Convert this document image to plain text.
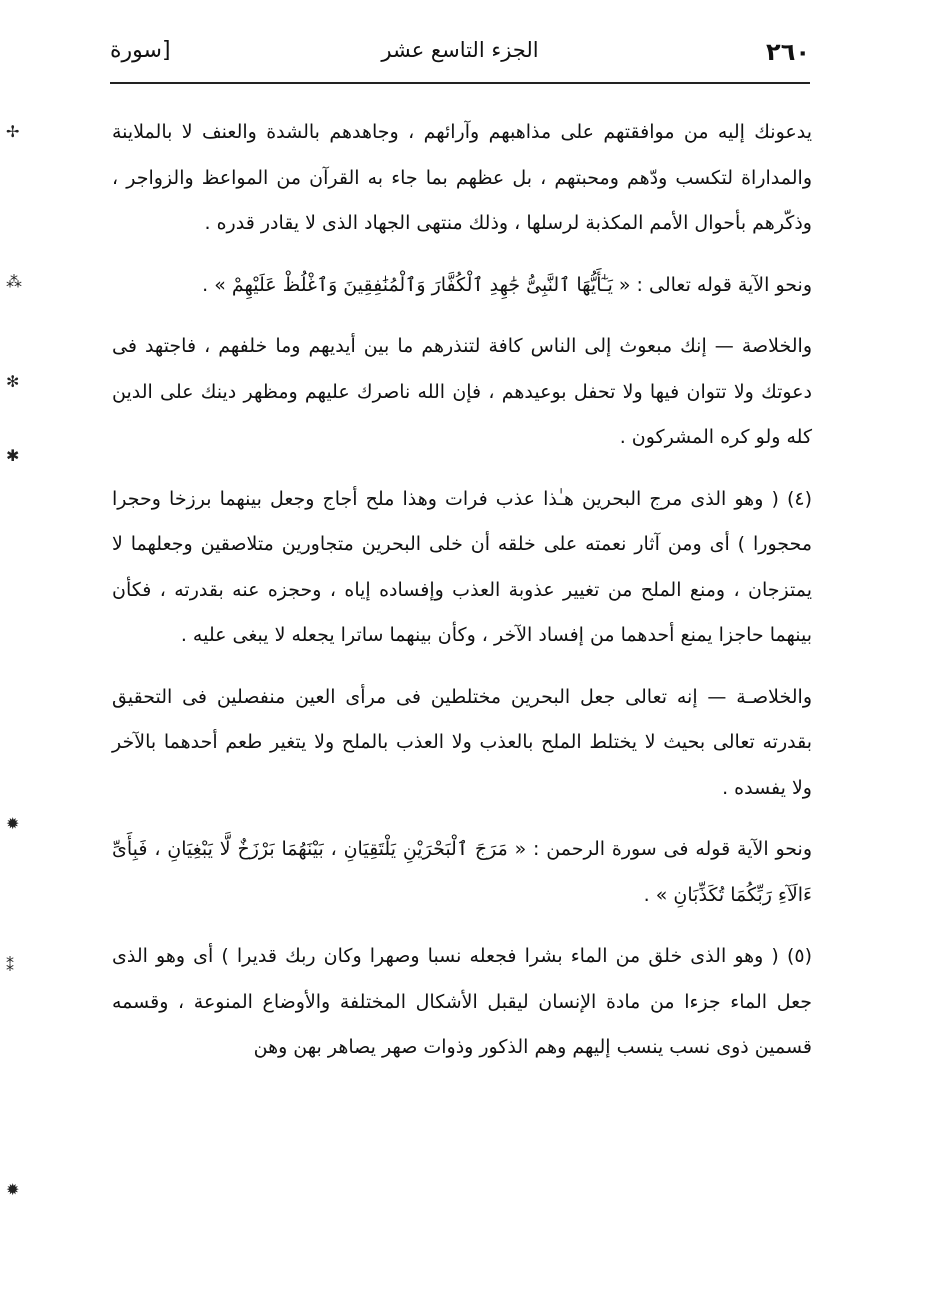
٢٦٠
الجزء التاسع عشر
[سورة

يدعونك إليه من موافقتهم على مذاهبهم وآرائهم ، وجاهدهم بالشدة والعنف لا بالملاينة والمداراة لتكسب ودّهم ومحبتهم ، بل عظهم بما جاء به القرآن من المواعظ والزواجر ، وذكّرهم بأحوال الأمم المكذبة لرسلها ، وذلك منتهى الجهاد الذى لا يقادر قدره .

ونحو الآية قوله تعالى : « يَـٰٓأَيُّهَا ٱلنَّبِىُّ جَٰهِدِ ٱلْكُفَّارَ وَٱلْمُنَٰفِقِينَ وَٱغْلُظْ عَلَيْهِمْ » .

والخلاصة — إنك مبعوث إلى الناس كافة لتنذرهم ما بين أيديهم وما خلفهم ، فاجتهد فى دعوتك ولا تتوان فيها ولا تحفل بوعيدهم ، فإن الله ناصرك عليهم ومظهر دينك على الدين كله ولو كره المشركون .

(٤) ( وهو الذى مرج البحرين هـٰذا عذب فرات وهذا ملح أجاج وجعل بينهما برزخا وحجرا محجورا ) أى ومن آثار نعمته على خلقه أن خلى البحرين متجاورين متلاصقين وجعلهما لا يمتزجان ، ومنع الملح من تغيير عذوبة العذب وإفساده إياه ، وحجزه عنه بقدرته ، فكأن بينهما حاجزا يمنع أحدهما من إفساد الآخر ، وكأن بينهما ساترا يجعله لا يبغى عليه .

والخلاصـة — إنه تعالى جعل البحرين مختلطين فى مرأى العين منفصلين فى التحقيق بقدرته تعالى بحيث لا يختلط الملح بالعذب ولا العذب بالملح ولا يتغير طعم أحدهما بالآخر ولا يفسده .

ونحو الآية قوله فى سورة الرحمن : « مَرَجَ ٱلْبَحْرَيْنِ يَلْتَقِيَانِ ، بَيْنَهُمَا بَرْزَخٌ لَّا يَبْغِيَانِ ، فَبِأَىِّ ءَالَآءِ رَبِّكُمَا تُكَذِّبَانِ » .

(٥) ( وهو الذى خلق من الماء بشرا فجعله نسبا وصهرا وكان ربك قديرا ) أى وهو الذى جعل الماء جزءا من مادة الإنسان ليقبل الأشكال المختلفة والأوضاع المنوعة ، وقسمه قسمين ذوى نسب ينسب إليهم وهم الذكور وذوات صهر يصاهر بهن وهن

✢
⁂
✻
✱
✹
⁑
✹
